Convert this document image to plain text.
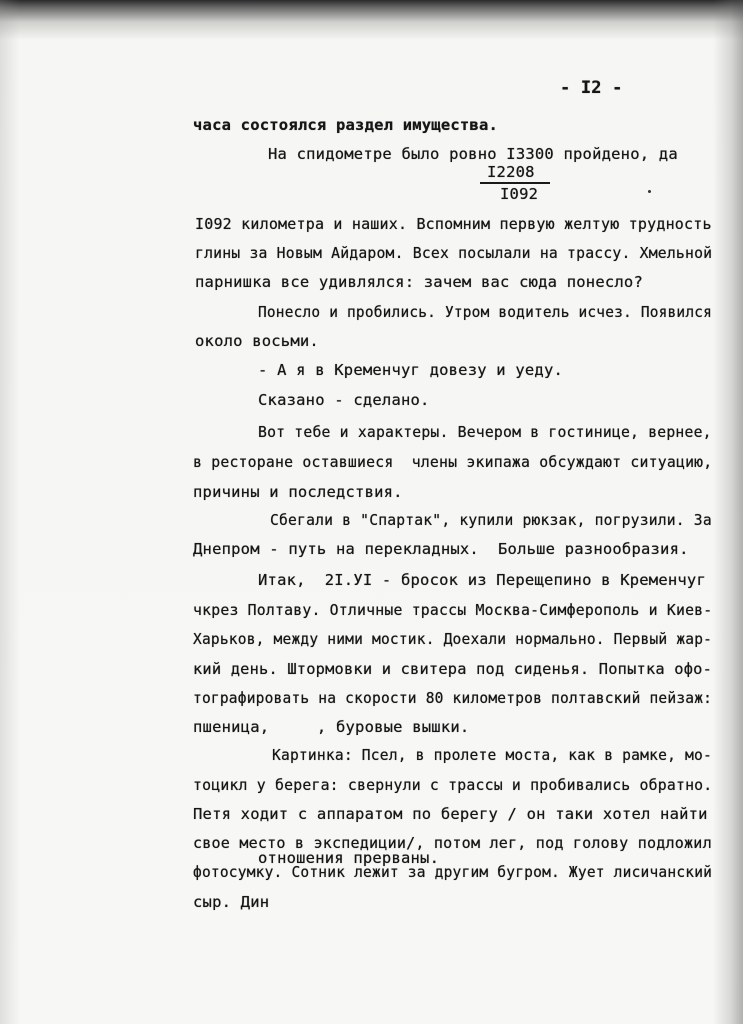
- I2 -
часа состоялся раздел имущества.
На спидометре было ровно I3300 пройдено, да
I2208
I092
I092 километра и наших. Вспомним первую желтую трудность
глины за Новым Айдаром. Всех посылали на трассу. Хмельной
парнишка все удивлялся: зачем вас сюда понесло?
Понесло и пробились. Утром водитель исчез. Появился
около восьми.
- А я в Кременчуг довезу и уеду.
Сказано - сделано.
Вот тебе и характеры. Вечером в гостинице, вернее,
в ресторане оставшиеся  члены экипажа обсуждают ситуацию,
причины и последствия.
Сбегали в "Спартак", купили рюкзак, погрузили. За
Днепром - путь на перекладных.  Больше разнообразия.
Итак,  2I.УI - бросок из Перещепино в Кременчуг
чкрез Полтаву. Отличные трассы Москва-Симферополь и Киев-
Харьков, между ними мостик. Доехали нормально. Первый жар-
кий день. Штормовки и свитера под сиденья. Попытка офо-
тографировать на скорости 80 километров полтавский пейзаж:
пшеница,     , буровые вышки.
Картинка: Псел, в пролете моста, как в рамке, мо-
тоцикл у берега: свернули с трассы и пробивались обратно.
Петя ходит с аппаратом по берегу / он таки хотел найти
свое место в экспедиции/, потом лег, под голову подложил
отношения прерваны.
фотосумку. Сотник лежит за другим бугром. Жует лисичанский
сыр. Дин
